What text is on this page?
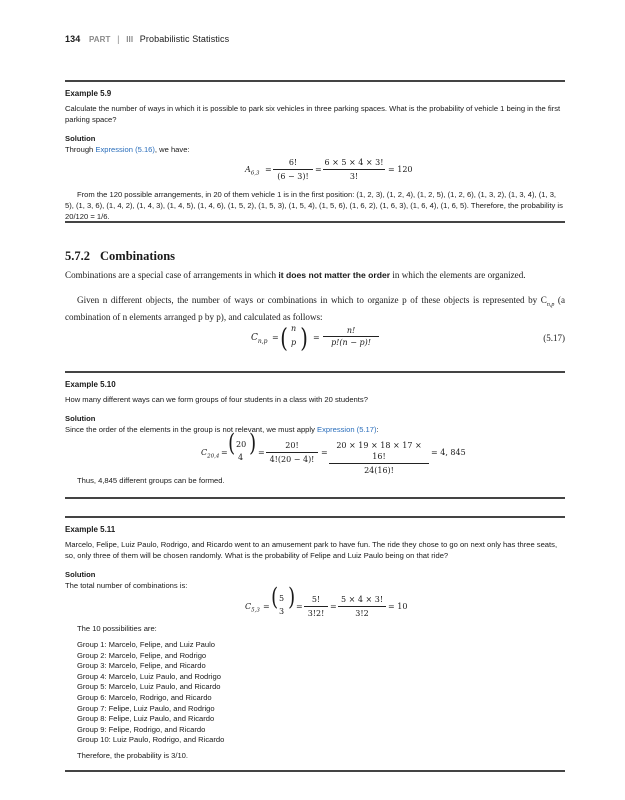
134 PART | III Probabilistic Statistics
Example 5.9

Calculate the number of ways in which it is possible to park six vehicles in three parking spaces. What is the probability of vehicle 1 being in the first parking space?

Solution

Through Expression (5.16), we have:

$A_{6,3} = \frac{6!}{(6 - 3)!} = \frac{6 \times 5 \times 4 \times 3!}{3!} = 120$

From the 120 possible arrangements, in 20 of them vehicle 1 is in the first position: (1, 2, 3), (1, 2, 4), (1, 2, 5), (1, 2, 6), (1, 3, 2), (1, 3, 4), (1, 3, 5), (1, 3, 6), (1, 4, 2), (1, 4, 3), (1, 4, 5), (1, 4, 6), (1, 5, 2), (1, 5, 3), (1, 5, 4), (1, 5, 6), (1, 6, 2), (1, 6, 3), (1, 6, 4), (1, 6, 5). Therefore, the probability is 20/120 = 1/6.

5.7.2 Combinations
Combinations are a special case of arrangements in which it does not matter the order in which the elements are organized.
Given n different objects, the number of ways or combinations in which to organize p of these objects is represented by $C_{n,p}$ (a combination of n elements arranged p by p), and calculated as follows:
$C_{n,p}$ = ( n
p ) = $\frac{n!}{p!(n - p)!}$	(5.17)
Example 5.10

How many different ways can we form groups of four students in a class with 20 students?

Solution

Since the order of the elements in the group is not relevant, we must apply Expression (5.17):

$C_{20,4}$ = ( 20
4
) = $\frac{20!}{4!(20 - 4)!} = \frac{20 \times 19 \times 18 \times 17 \times 16!}{24(16)!} = 4$, 845

Thus, 4,845 different groups can be formed.

Example 5.11

Marcelo, Felipe, Luiz Paulo, Rodrigo, and Ricardo went to an amusement park to have fun. The ride they chose to go on next only has three seats, so, only three of them will be chosen randomly. What is the probability of Felipe and Luiz Paulo being on that ride?

Solution

The total number of combinations is:

$C_{5,3}$ = ( 5
3
) = $\frac{5!}{3!2!} = \frac{5 \times 4 \times 3!}{3!2} = 10$

The 10 possibilities are:

Group 1: Marcelo, Felipe, and Luiz Paulo
Group 2: Marcelo, Felipe, and Rodrigo
Group 3: Marcelo, Felipe, and Ricardo
Group 4: Marcelo, Luiz Paulo, and Rodrigo
Group 5: Marcelo, Luiz Paulo, and Ricardo
Group 6: Marcelo, Rodrigo, and Ricardo
Group 7: Felipe, Luiz Paulo, and Rodrigo
Group 8: Felipe, Luiz Paulo, and Ricardo
Group 9: Felipe, Rodrigo, and Ricardo
Group 10: Luiz Paulo, Rodrigo, and Ricardo

Therefore, the probability is 3/10.
